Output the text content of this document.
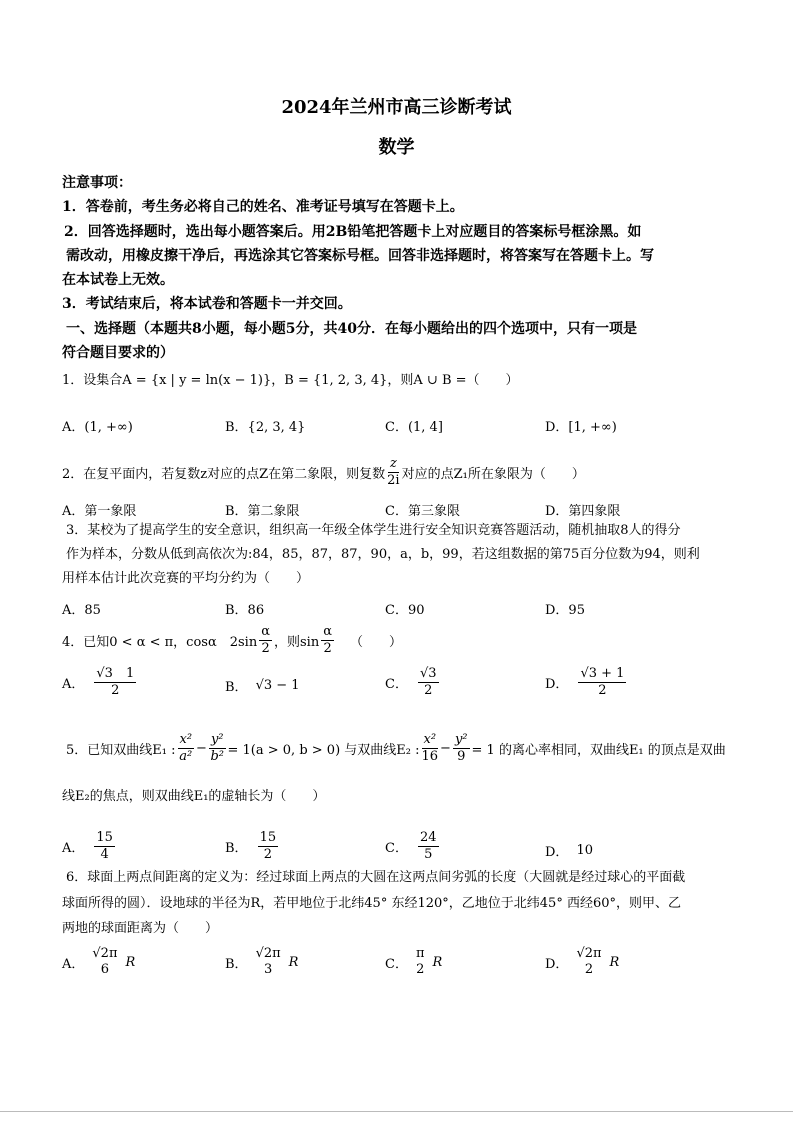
2024年兰州市高三诊断考试
数学
注意事项：
1．答卷前，考生务必将自己的姓名、准考证号填写在答题卡上。
2．回答选择题时，选出每小题答案后。用2B铅笔把答题卡上对应题目的答案标号框涂黑。如
需改动，用橡皮擦干净后，再选涂其它答案标号框。回答非选择题时，将答案写在答题卡上。写
在本试卷上无效。
3．考试结束后，将本试卷和答题卡一并交回。
一、选择题（本题共8小题，每小题5分，共40分．在每小题给出的四个选项中，只有一项是
符合题目要求的）
1．设集合A = {x | y = ln(x − 1)}，B = {1, 2, 3, 4}，则A ∪ B =（　　）
A．(1, +∞)	B．{2, 3, 4}	C．(1, 4]	D．[1, +∞)
2．在复平面内，若复数z对应的点Z在第二象限，则复数 $\frac{z}{2i}$ 对应的点Z₁所在象限为（　　）
A．第一象限	B．第二象限	C．第三象限	D．第四象限
3．某校为了提高学生的安全意识，组织高一年级全体学生进行安全知识竞赛答题活动，随机抽取8人的得分
作为样本，分数从低到高依次为:84，85，87，87，90，a，b，99，若这组数据的第75百分位数为94，则利
用样本估计此次竞赛的平均分约为（　　）
A．85	B．86	C．90	D．95
4．已知0 < α < π，cosα　$2\sin \frac{\alpha}{2}$ ，则$\sin \frac{\alpha}{2}$ （　　）
A． $\frac{√3 1}{2}$	B． √3 − 1	C． $\frac{√3}{2}$	D． $\frac{√3 + 1}{2}$
5．已知双曲线E₁ : $\frac{\text{x²}}{\text{a²}} - \frac{\text{y²}}{\text{b²}} = 1(a > 0$, b > 0) 与双曲线E₂ : $\frac{\text{x²}}{16} - \frac{\text{y²}}{9} = 1$ 的离心率相同，双曲线E₁ 的顶点是双曲
线E₂的焦点，则双曲线E₁的虚轴长为（　　）
A． $\frac{15}{4}$	B． $\frac{15}{2}$	C． $\frac{24}{5}$	D． 10
6．球面上两点间距离的定义为：经过球面上两点的大圆在这两点间劣弧的长度（大圆就是经过球心的平面截
球面所得的圆）．设地球的半径为R，若甲地位于北纬45° 东经120°，乙地位于北纬45° 西经60°，则甲、乙
两地的球面距离为（　　）
A．
√2π
6 R	B．
√2π
3 R	C．
π
2 R	D．
√2π
2 R
